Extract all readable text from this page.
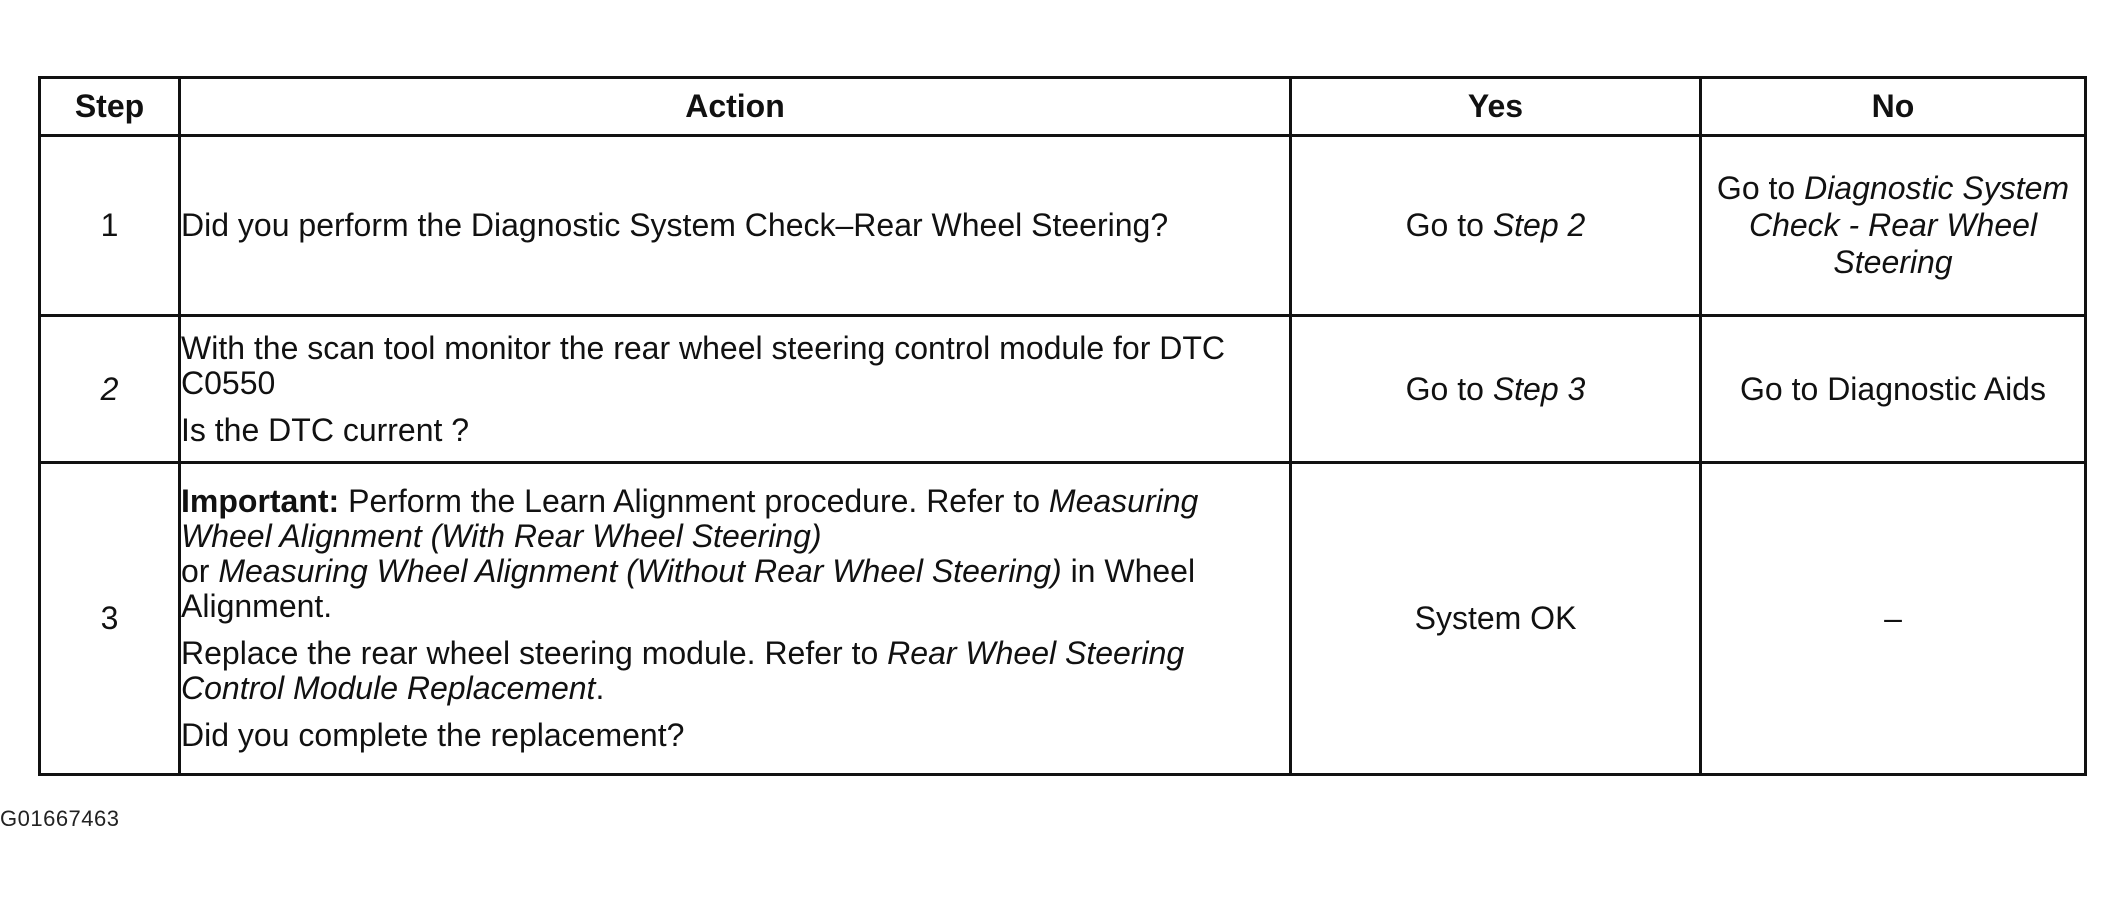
Step	Action	Yes	No
1	Did you perform the Diagnostic System Check–Rear Wheel Steering?	Go to Step 2	Go to Diagnostic System Check - Rear Wheel Steering
2	With the scan tool monitor the rear wheel steering control module for DTC C0550

Is the DTC current ?	Go to Step 3	Go to Diagnostic Aids
3	Important: Perform the Learn Alignment procedure. Refer to Measuring Wheel Alignment (With Rear Wheel Steering)
or Measuring Wheel Alignment (Without Rear Wheel Steering) in Wheel Alignment.

Replace the rear wheel steering module. Refer to Rear Wheel Steering Control Module Replacement.

Did you complete the replacement?	System OK	–
G01667463
